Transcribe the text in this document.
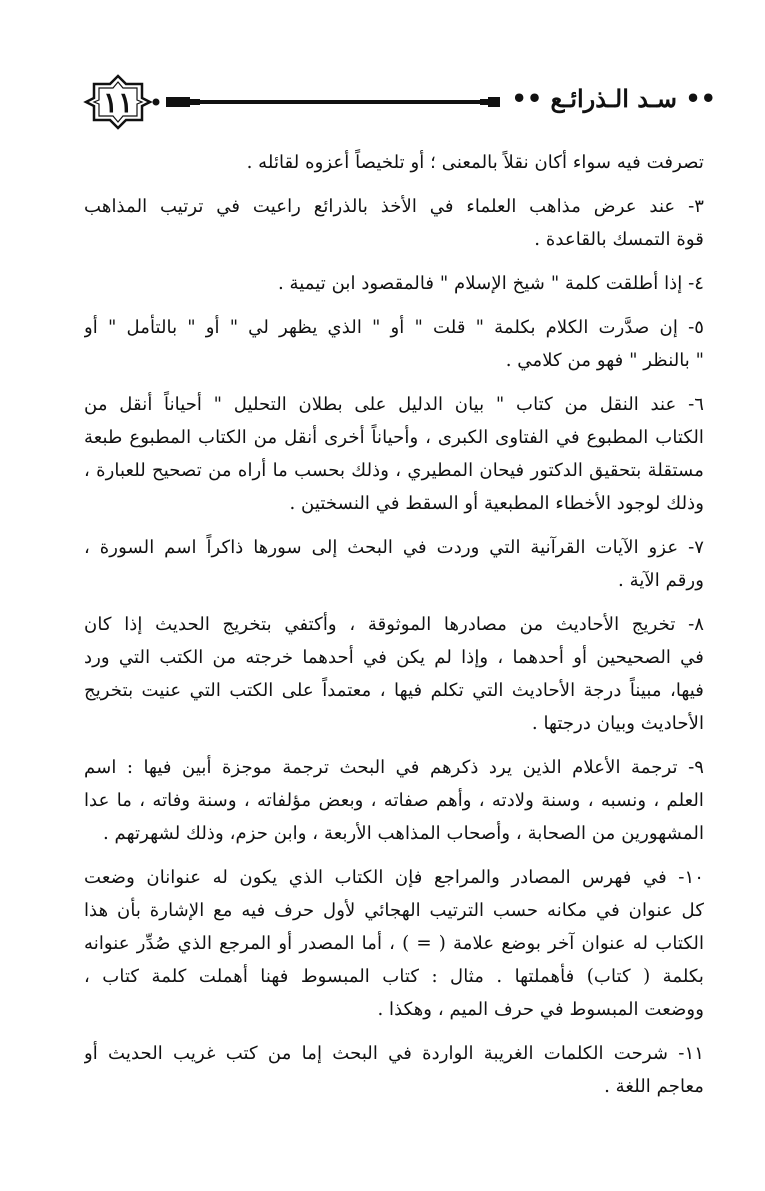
١١	•• سـد الـذرائـع ••

تصرفت فيه سواء أكان نقلاً بالمعنى ؛ أو تلخيصاً أعزوه لقائله .

٣- عند عرض مذاهب العلماء في الأخذ بالذرائع راعيت في ترتيب المذاهب

قوة التمسك بالقاعدة .

٤- إذا أطلقت كلمة " شيخ الإسلام " فالمقصود ابن تيمية .

٥- إن صدَّرت الكلام بكلمة " قلت " أو " الذي يظهر لي " أو " بالتأمل " أو

" بالنظر " فهو من كلامي .

٦- عند النقل من كتاب " بيان الدليل على بطلان التحليل " أحياناً أنقل من

الكتاب المطبوع في الفتاوى الكبرى ، وأحياناً أخرى أنقل من الكتاب المطبوع طبعة

مستقلة بتحقيق الدكتور فيحان المطيري ، وذلك بحسب ما أراه من تصحيح للعبارة ،

وذلك لوجود الأخطاء المطبعية أو السقط في النسختين .

٧- عزو الآيات القرآنية التي وردت في البحث إلى سورها ذاكراً اسم السورة ،

ورقم الآية .

٨- تخريج الأحاديث من مصادرها الموثوقة ، وأكتفي بتخريج الحديث إذا كان

في الصحيحين أو أحدهما ، وإذا لم يكن في أحدهما خرجته من الكتب التي ورد

فيها، مبيناً درجة الأحاديث التي تكلم فيها ، معتمداً على الكتب التي عنيت بتخريج

الأحاديث وبيان درجتها .

٩- ترجمة الأعلام الذين يرد ذكرهم في البحث ترجمة موجزة أبين فيها : اسم

العلم ، ونسبه ، وسنة ولادته ، وأهم صفاته ، وبعض مؤلفاته ، وسنة وفاته ، ما عدا

المشهورين من الصحابة ، وأصحاب المذاهب الأربعة ، وابن حزم، وذلك لشهرتهم .

١٠- في فهرس المصادر والمراجع فإن الكتاب الذي يكون له عنوانان وضعت

كل عنوان في مكانه حسب الترتيب الهجائي لأول حرف فيه مع الإشارة بأن هذا

الكتاب له عنوان آخر بوضع علامة ( = ) ، أما المصدر أو المرجع الذي صُدِّر عنوانه

بكلمة ( كتاب) فأهملتها . مثال : كتاب المبسوط فهنا أهملت كلمة كتاب ،

ووضعت المبسوط في حرف الميم ، وهكذا .

١١- شرحت الكلمات الغريبة الواردة في البحث إما من كتب غريب الحديث أو

معاجم اللغة .
